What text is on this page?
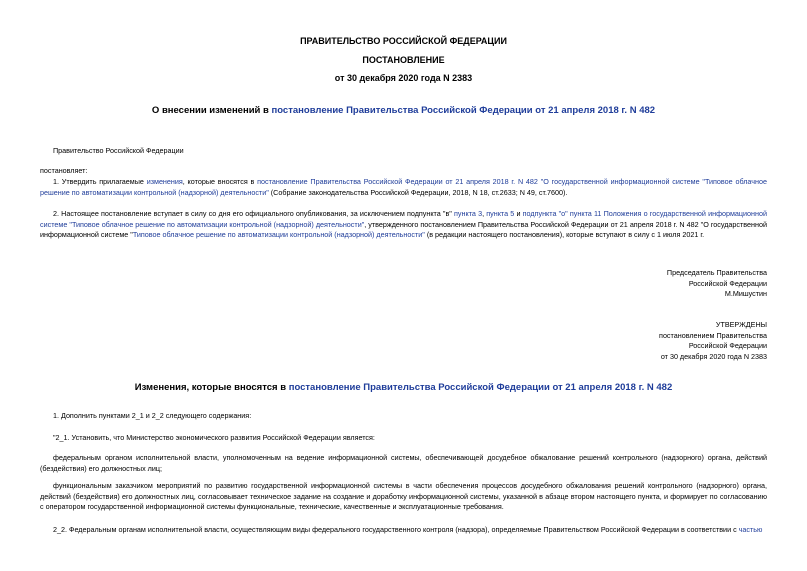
ПРАВИТЕЛЬСТВО РОССИЙСКОЙ ФЕДЕРАЦИИ
ПОСТАНОВЛЕНИЕ
от 30 декабря 2020 года N 2383
О внесении изменений в постановление Правительства Российской Федерации от 21 апреля 2018 г. N 482
Правительство Российской Федерации
постановляет:
1. Утвердить прилагаемые изменения, которые вносятся в постановление Правительства Российской Федерации от 21 апреля 2018 г. N 482 "О государственной информационной системе "Типовое облачное решение по автоматизации контрольной (надзорной) деятельности" (Собрание законодательства Российской Федерации, 2018, N 18, ст.2633; N 49, ст.7600).
2. Настоящее постановление вступает в силу со дня его официального опубликования, за исключением подпункта "в" пункта 3, пункта 5 и подпункта "о" пункта 11 Положения о государственной информационной системе "Типовое облачное решение по автоматизации контрольной (надзорной) деятельности", утвержденного постановлением Правительства Российской Федерации от 21 апреля 2018 г. N 482 "О государственной информационной системе "Типовое облачное решение по автоматизации контрольной (надзорной) деятельности" (в редакции настоящего постановления), которые вступают в силу с 1 июля 2021 г.
Председатель Правительства
Российской Федерации
М.Мишустин
УТВЕРЖДЕНЫ
постановлением Правительства
Российской Федерации
от 30 декабря 2020 года N 2383
Изменения, которые вносятся в постановление Правительства Российской Федерации от 21 апреля 2018 г. N 482
1. Дополнить пунктами 2_1 и 2_2 следующего содержания:
"2_1. Установить, что Министерство экономического развития Российской Федерации является:
федеральным органом исполнительной власти, уполномоченным на ведение информационной системы, обеспечивающей досудебное обжалование решений контрольного (надзорного) органа, действий (бездействия) его должностных лиц;
функциональным заказчиком мероприятий по развитию государственной информационной системы в части обеспечения процессов досудебного обжалования решений контрольного (надзорного) органа, действий (бездействия) его должностных лиц, согласовывает техническое задание на создание и доработку информационной системы, указанной в абзаце втором настоящего пункта, и формирует по согласованию с оператором государственной информационной системы функциональные, технические, качественные и эксплуатационные требования.
2_2. Федеральным органам исполнительной власти, осуществляющим виды федерального государственного контроля (надзора), определяемые Правительством Российской Федерации в соответствии с частью
